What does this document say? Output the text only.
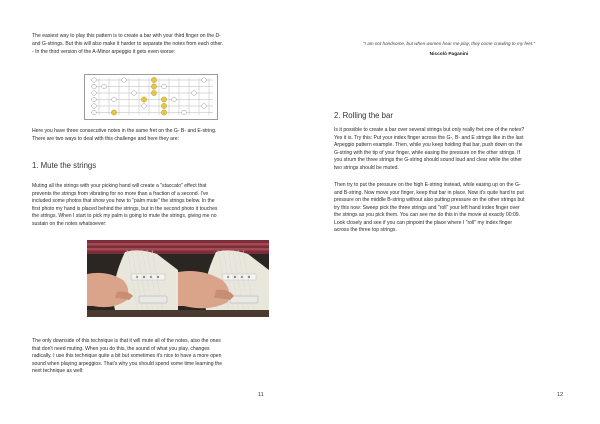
The easiest way to play this pattern is to create a bar with your third finger on the D-

and G-strings. But this will also make it harder to separate the notes from each other.

- In the third version of the A-Minor arpeggio it gets even worse:

Here you have three consecutive notes in the same fret on the G- B- and E-string.

There are two ways to deal with this challenge and here they are:

1. Mute the strings

Muting all the strings with your picking hand will create a "staccato" effect that

prevents the strings from vibrating for no more than a fraction of a second. I've

included some photos that show you how to "palm mute" the strings below. In the

first photo my hand is placed behind the strings, but in the second photo it touches

the strings. When I start to pick my palm is going to mute the strings, giving me no

sustain on the notes whatsoever:

The only downside of this technique is that it will mute all of the notes, also the ones

that don't need muting. When you do this, the sound of what you play, changes

radically. I use this technique quite a bit but sometimes it's nice to have a more open

sound when playing arpeggios. That's why you should spend some time learning the

next technique as well:

11

"I am not handsome, but when women hear me play, they come crawling to my feet."

Niccolò Paganini

2. Rolling the bar

Is it possible to create a bar over several strings but only really fret one of the notes?

Yes it is. Try this: Put your index finger across the G-, B- and E strings like in the last

Arpeggio pattern example. Then, while you keep holding that bar, push down on the

G-string with the tip of your finger, while easing the pressure on the other strings. If

you strum the three strings the G-string should sound loud and clear while the other

two strings should be muted.

Then try to put the pressure on the high E-string instead, while easing up on the G-

and B-string. Now move your finger, keep that bar in place. Now it's quite hard to put

pressure on the middle B-string without also putting pressure on the other strings but

try this now: Sweep pick the three strings and "roll" your left hand index finger over

the strings as you pick them. You can see me do this in the movie at exactly 00:09.

Look closely and see if you can pinpoint the place where I "roll" my index finger

across the three top strings.

12
